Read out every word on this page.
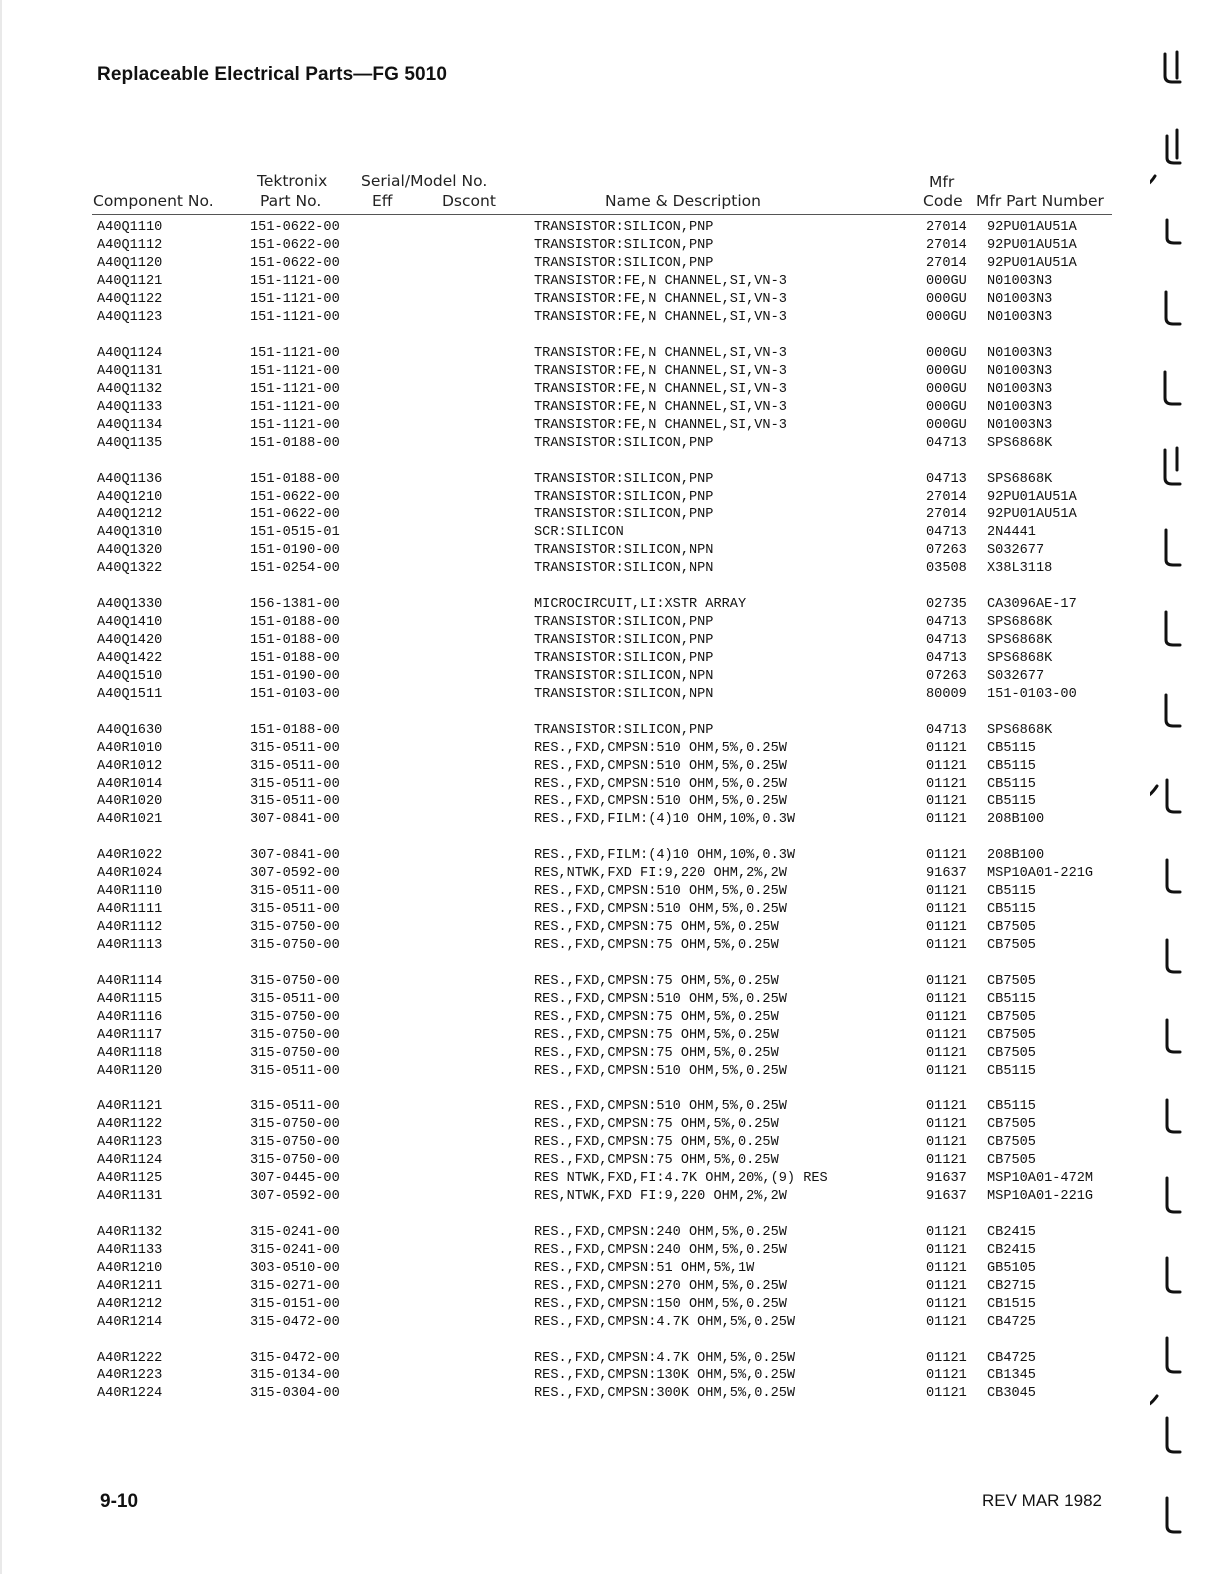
Replaceable Electrical Parts—FG 5010
Tektronix Serial/Model No.	Mfr
Component No.	Part No.	Eff	Dscont	Name & Description	Code Mfr Part Number
A40Q1110	151-0622-00	TRANSISTOR:SILICON,PNP	27014 92PU01AU51A
A40Q1112	151-0622-00	TRANSISTOR:SILICON,PNP	27014 92PU01AU51A
A40Q1120	151-0622-00	TRANSISTOR:SILICON,PNP	27014 92PU01AU51A
A40Q1121	151-1121-00	TRANSISTOR:FE,N CHANNEL,SI,VN-3	000GU N01003N3
A40Q1122	151-1121-00	TRANSISTOR:FE,N CHANNEL,SI,VN-3	000GU N01003N3
A40Q1123	151-1121-00	TRANSISTOR:FE,N CHANNEL,SI,VN-3	000GU N01003N3
A40Q1124	151-1121-00	TRANSISTOR:FE,N CHANNEL,SI,VN-3	000GU N01003N3
A40Q1131	151-1121-00	TRANSISTOR:FE,N CHANNEL,SI,VN-3	000GU N01003N3
A40Q1132	151-1121-00	TRANSISTOR:FE,N CHANNEL,SI,VN-3	000GU N01003N3
A40Q1133	151-1121-00	TRANSISTOR:FE,N CHANNEL,SI,VN-3	000GU N01003N3
A40Q1134	151-1121-00	TRANSISTOR:FE,N CHANNEL,SI,VN-3	000GU N01003N3
A40Q1135	151-0188-00	TRANSISTOR:SILICON,PNP	04713 SPS6868K
A40Q1136	151-0188-00	TRANSISTOR:SILICON,PNP	04713 SPS6868K
A40Q1210	151-0622-00	TRANSISTOR:SILICON,PNP	27014 92PU01AU51A
A40Q1212	151-0622-00	TRANSISTOR:SILICON,PNP	27014 92PU01AU51A
A40Q1310	151-0515-01	SCR:SILICON	04713 2N4441
A40Q1320	151-0190-00	TRANSISTOR:SILICON,NPN	07263 S032677
A40Q1322	151-0254-00	TRANSISTOR:SILICON,NPN	03508 X38L3118
A40Q1330	156-1381-00	MICROCIRCUIT,LI:XSTR ARRAY	02735 CA3096AE-17
A40Q1410	151-0188-00	TRANSISTOR:SILICON,PNP	04713 SPS6868K
A40Q1420	151-0188-00	TRANSISTOR:SILICON,PNP	04713 SPS6868K
A40Q1422	151-0188-00	TRANSISTOR:SILICON,PNP	04713 SPS6868K
A40Q1510	151-0190-00	TRANSISTOR:SILICON,NPN	07263 S032677
A40Q1511	151-0103-00	TRANSISTOR:SILICON,NPN	80009 151-0103-00
A40Q1630	151-0188-00	TRANSISTOR:SILICON,PNP	04713 SPS6868K
A40R1010	315-0511-00	RES.,FXD,CMPSN:510 OHM,5%,0.25W	01121 CB5115
A40R1012	315-0511-00	RES.,FXD,CMPSN:510 OHM,5%,0.25W	01121 CB5115
A40R1014	315-0511-00	RES.,FXD,CMPSN:510 OHM,5%,0.25W	01121 CB5115
A40R1020	315-0511-00	RES.,FXD,CMPSN:510 OHM,5%,0.25W	01121 CB5115
A40R1021	307-0841-00	RES.,FXD,FILM:(4)10 OHM,10%,0.3W	01121 208B100
A40R1022	307-0841-00	RES.,FXD,FILM:(4)10 OHM,10%,0.3W	01121 208B100
A40R1024	307-0592-00	RES,NTWK,FXD FI:9,220 OHM,2%,2W	91637 MSP10A01-221G
A40R1110	315-0511-00	RES.,FXD,CMPSN:510 OHM,5%,0.25W	01121 CB5115
A40R1111	315-0511-00	RES.,FXD,CMPSN:510 OHM,5%,0.25W	01121 CB5115
A40R1112	315-0750-00	RES.,FXD,CMPSN:75 OHM,5%,0.25W	01121 CB7505
A40R1113	315-0750-00	RES.,FXD,CMPSN:75 OHM,5%,0.25W	01121 CB7505
A40R1114	315-0750-00	RES.,FXD,CMPSN:75 OHM,5%,0.25W	01121 CB7505
A40R1115	315-0511-00	RES.,FXD,CMPSN:510 OHM,5%,0.25W	01121 CB5115
A40R1116	315-0750-00	RES.,FXD,CMPSN:75 OHM,5%,0.25W	01121 CB7505
A40R1117	315-0750-00	RES.,FXD,CMPSN:75 OHM,5%,0.25W	01121 CB7505
A40R1118	315-0750-00	RES.,FXD,CMPSN:75 OHM,5%,0.25W	01121 CB7505
A40R1120	315-0511-00	RES.,FXD,CMPSN:510 OHM,5%,0.25W	01121 CB5115
A40R1121	315-0511-00	RES.,FXD,CMPSN:510 OHM,5%,0.25W	01121 CB5115
A40R1122	315-0750-00	RES.,FXD,CMPSN:75 OHM,5%,0.25W	01121 CB7505
A40R1123	315-0750-00	RES.,FXD,CMPSN:75 OHM,5%,0.25W	01121 CB7505
A40R1124	315-0750-00	RES.,FXD,CMPSN:75 OHM,5%,0.25W	01121 CB7505
A40R1125	307-0445-00	RES NTWK,FXD,FI:4.7K OHM,20%,(9) RES	91637 MSP10A01-472M
A40R1131	307-0592-00	RES,NTWK,FXD FI:9,220 OHM,2%,2W	91637 MSP10A01-221G
A40R1132	315-0241-00	RES.,FXD,CMPSN:240 OHM,5%,0.25W	01121 CB2415
A40R1133	315-0241-00	RES.,FXD,CMPSN:240 OHM,5%,0.25W	01121 CB2415
A40R1210	303-0510-00	RES.,FXD,CMPSN:51 OHM,5%,1W	01121 GB5105
A40R1211	315-0271-00	RES.,FXD,CMPSN:270 OHM,5%,0.25W	01121 CB2715
A40R1212	315-0151-00	RES.,FXD,CMPSN:150 OHM,5%,0.25W	01121 CB1515
A40R1214	315-0472-00	RES.,FXD,CMPSN:4.7K OHM,5%,0.25W	01121 CB4725
A40R1222	315-0472-00	RES.,FXD,CMPSN:4.7K OHM,5%,0.25W	01121 CB4725
A40R1223	315-0134-00	RES.,FXD,CMPSN:130K OHM,5%,0.25W	01121 CB1345
A40R1224	315-0304-00	RES.,FXD,CMPSN:300K OHM,5%,0.25W	01121 CB3045
9-10	REV MAR 1982
